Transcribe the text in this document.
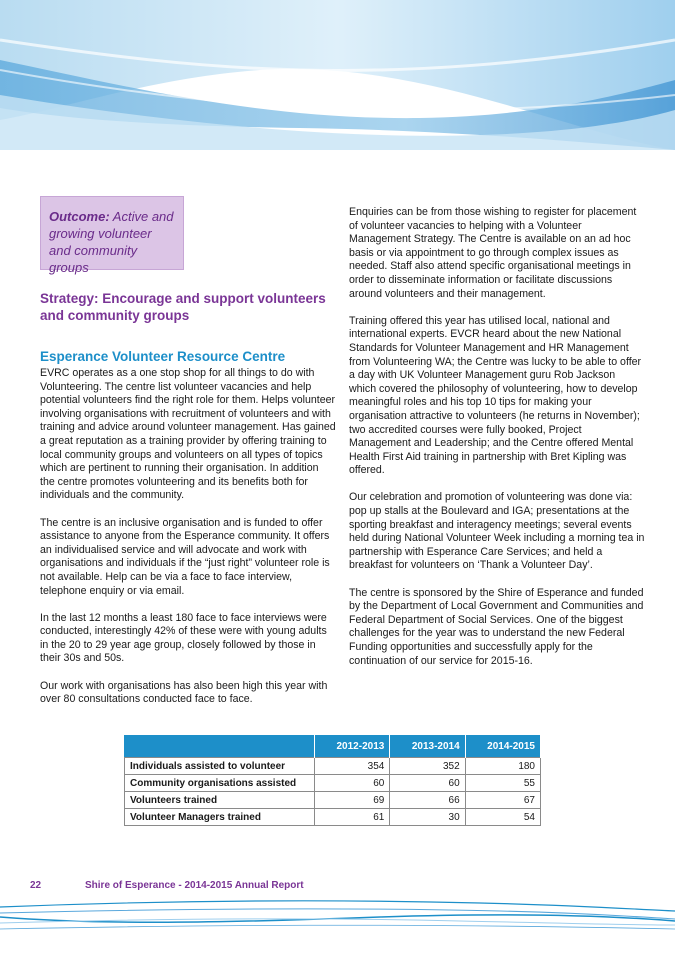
Outcome: Active and growing volunteer and community groups
Strategy: Encourage and support volunteers and community groups
Esperance Volunteer Resource Centre

EVRC operates as a one stop shop for all things to do with Volunteering. The centre list volunteer vacancies and help potential volunteers find the right role for them. Helps volunteer involving organisations with recruitment of volunteers and with training and advice around volunteer management. Has gained a great reputation as a training provider by offering training to local community groups and volunteers on all types of topics which are pertinent to running their organisation. In addition the centre promotes volunteering and its benefits both for individuals and the community.

The centre is an inclusive organisation and is funded to offer assistance to anyone from the Esperance community. It offers an individualised service and will advocate and work with organisations and individuals if the “just right” volunteer role is not available. Help can be via a face to face interview, telephone enquiry or via email.

In the last 12 months a least 180 face to face interviews were conducted, interestingly 42% of these were with young adults in the 20 to 29 year age group, closely followed by those in their 30s and 50s.

Our work with organisations has also been high this year with over 80 consultations conducted face to face.

Enquiries can be from those wishing to register for placement of volunteer vacancies to helping with a Volunteer Management Strategy. The Centre is available on an ad hoc basis or via appointment to go through complex issues as needed. Staff also attend specific organisational meetings in order to disseminate information or facilitate discussions around volunteers and their management.

Training offered this year has utilised local, national and international experts. EVCR heard about the new National Standards for Volunteer Management and HR Management from Volunteering WA; the Centre was lucky to be able to offer a day with UK Volunteer Management guru Rob Jackson which covered the philosophy of volunteering, how to develop meaningful roles and his top 10 tips for making your organisation attractive to volunteers (he returns in November); two accredited courses were fully booked, Project Management and Leadership; and the Centre offered Mental Health First Aid training in partnership with Bret Kipling was offered.

Our celebration and promotion of volunteering was done via: pop up stalls at the Boulevard and IGA; presentations at the sporting breakfast and interagency meetings; several events held during National Volunteer Week including a morning tea in partnership with Esperance Care Services; and held a breakfast for volunteers on ‘Thank a Volunteer Day’.

The centre is sponsored by the Shire of Esperance and funded by the Department of Local Government and Communities and Federal Department of Social Services. One of the biggest challenges for the year was to understand the new Federal Funding opportunities and successfully apply for the continuation of our service for 2015-16.

	2012-2013	2013-2014	2014-2015
Individuals assisted to volunteer	354	352	180
Community organisations assisted	60	60	55
Volunteers trained	69	66	67
Volunteer Managers trained	61	30	54
22	Shire of Esperance - 2014-2015 Annual Report
